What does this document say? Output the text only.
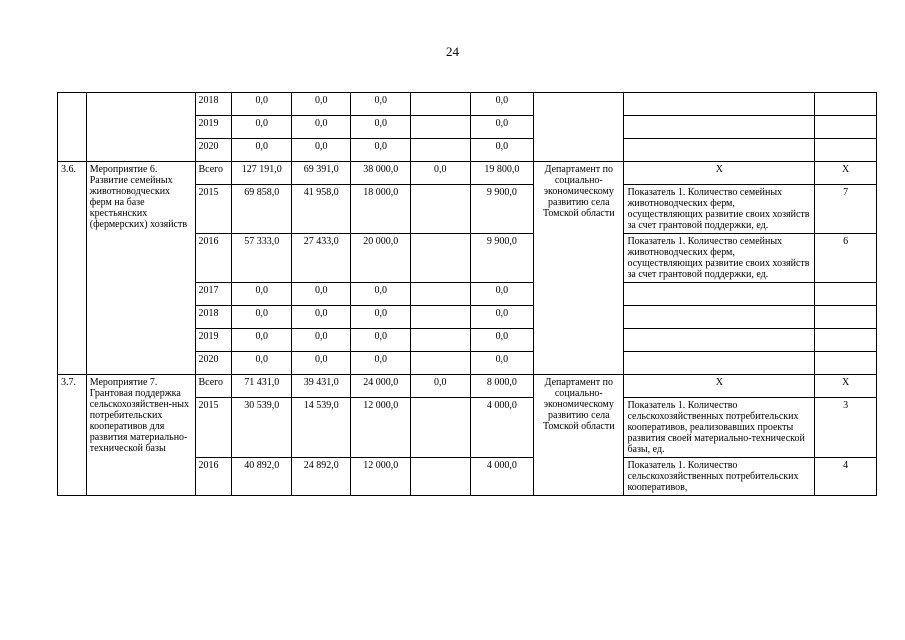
24
		2018	0,0	0,0	0,0		0,0			
		2019	0,0	0,0	0,0		0,0			
		2020	0,0	0,0	0,0		0,0			
3.6.	Мероприятие 6. Развитие семейных животноводческих ферм на базе крестьянских (фермерских) хозяйств	Всего	127 191,0	69 391,0	38 000,0	0,0	19 800,0	Департамент по социально-экономическому развитию села Томской области	Х	Х
		2015	69 858,0	41 958,0	18 000,0		9 900,0		Показатель 1. Количество семейных животноводческих ферм, осуществляющих развитие своих хозяйств за счет грантовой поддержки, ед.	7
		2016	57 333,0	27 433,0	20 000,0		9 900,0		Показатель 1. Количество семейных животноводческих ферм, осуществляющих развитие своих хозяйств за счет грантовой поддержки, ед.	6
		2017	0,0	0,0	0,0		0,0			
		2018	0,0	0,0	0,0		0,0			
		2019	0,0	0,0	0,0		0,0			
		2020	0,0	0,0	0,0		0,0			
3.7.	Мероприятие 7. Грантовая поддержка сельскохозяйствен-ных потребительских кооперативов для развития материально-технической базы	Всего	71 431,0	39 431,0	24 000,0	0,0	8 000,0	Департамент по социально-экономическому развитию села Томской области	Х	Х
		2015	30 539,0	14 539,0	12 000,0		4 000,0		Показатель 1. Количество сельскохозяйственных потребительских кооперативов, реализовавших проекты развития своей материально-технической базы, ед.	3
		2016	40 892,0	24 892,0	12 000,0		4 000,0		Показатель 1. Количество сельскохозяйственных потребительских кооперативов,	4
